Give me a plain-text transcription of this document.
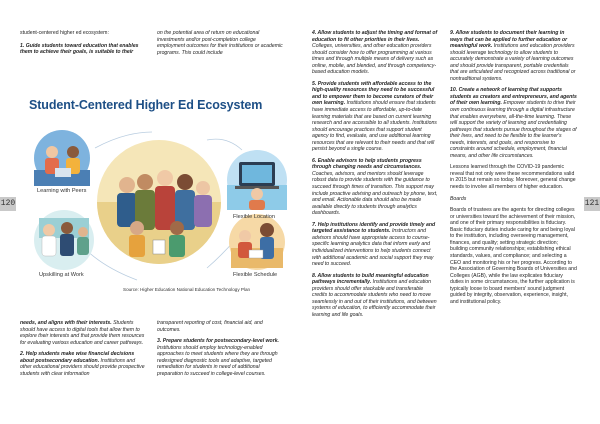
120	121

student-centered higher ed ecosystem:

1. Guide students toward education that enables them to achieve their goals, is suitable to their

on the potential area of return on educational investments and/or post-completion college employment outcomes for their institutions or academic programs. This could include

Student-Centered Higher Ed Ecosystem
Learning with Peers
Flexible Location
Upskilling at Work	Flexible Schedule
Source: Higher Education National Education Technology Plan

needs, and aligns with their interests. Students should have access to digital tools that allow them to explore their interests and that provide them resources for evaluating various education and career pathways.

2. Help students make wise financial decisions about postsecondary education. Institutions and other educational providers should provide prospective students with clear information

transparent reporting of cost, financial aid, and outcomes.

3. Prepare students for postsecondary-level work. Institutions should employ technology-enabled approaches to meet students where they are through redesigned diagnostic tools and adaptive, targeted remediation for students in need of additional preparation to succeed in college-level courses.

4. Allow students to adjust the timing and format of education to fit other priorities in their lives. Colleges, universities, and other education providers should consider how to offer programming at various times and through multiple means of delivery such as online, mobile, and blended, and through competency-based education models.

5. Provide students with affordable access to the high-quality resources they need to be successful and to empower them to become curators of their own learning. Institutions should ensure that students have immediate access to affordable, up-to-date learning materials that are based on current learning research and are accessible to all students. Institutions should encourage practices that support student agency to find, evaluate, and use additional learning resources that are relevant to their needs and that will persist beyond a single course.

6. Enable advisors to help students progress through changing needs and circumstances. Coaches, advisors, and mentors should leverage robust data to provide students with the guidance to succeed through times of transition. This support may include proactive advising and outreach by phone, text, and email. Actionable data should also be made available directly to students through analytics dashboards.

7. Help institutions identify and provide timely and targeted assistance to students. Instructors and advisors should have appropriate access to course-specific learning analytics data that inform early and individualized interventions to help students connect with additional academic and social support they may need to succeed.

8. Allow students to build meaningful education pathways incrementally. Institutions and education providers should offer stackable and transferable credits to accommodate students who need to move seamlessly in and out of their institutions, and between systems of education, to efficiently accommodate their learning and life goals.

9. Allow students to document their learning in ways that can be applied to further education or meaningful work. Institutions and education providers should leverage technology to allow students to accurately demonstrate a variety of learning outcomes and should provide transparent, portable credentials that are articulated and recognized across traditional or nontraditional systems.

10. Create a network of learning that supports students as creators and entrepreneurs, and agents of their own learning. Empower students to drive their own continuous learning through a digital infrastructure that enables everywhere, all-the-time learning. These will support the variety of learning and credentialing pathways that students pursue throughout the stages of their lives, and need to be flexible to the learner's needs, interests, and goals, and responsive to constraints around schedule, employment, financial means, and other life circumstances.

Lessons learned through the COVID-19 pandemic reveal that not only were these recommendations valid in 2015 but remain so today. Moreover, general change needs to involve all members of higher education.

Boards

Boards of trustees are the agents for directing colleges or universities toward the achievement of their mission, and one of their primary responsibilities is fiduciary. Basic fiduciary duties include caring for and being loyal to the institution, including overseeing management, finances, and quality; setting strategic direction; building community relationships; establishing ethical standards, values, and compliance; and selecting a CEO and monitoring his or her progress. According to the Association of Governing Boards of Universities and Colleges (AGB), while the law explicates fiduciary duties in some circumstances, the further application is typically loose to board members' sound judgment guided by integrity, observation, experience, insight, and institutional policy.
